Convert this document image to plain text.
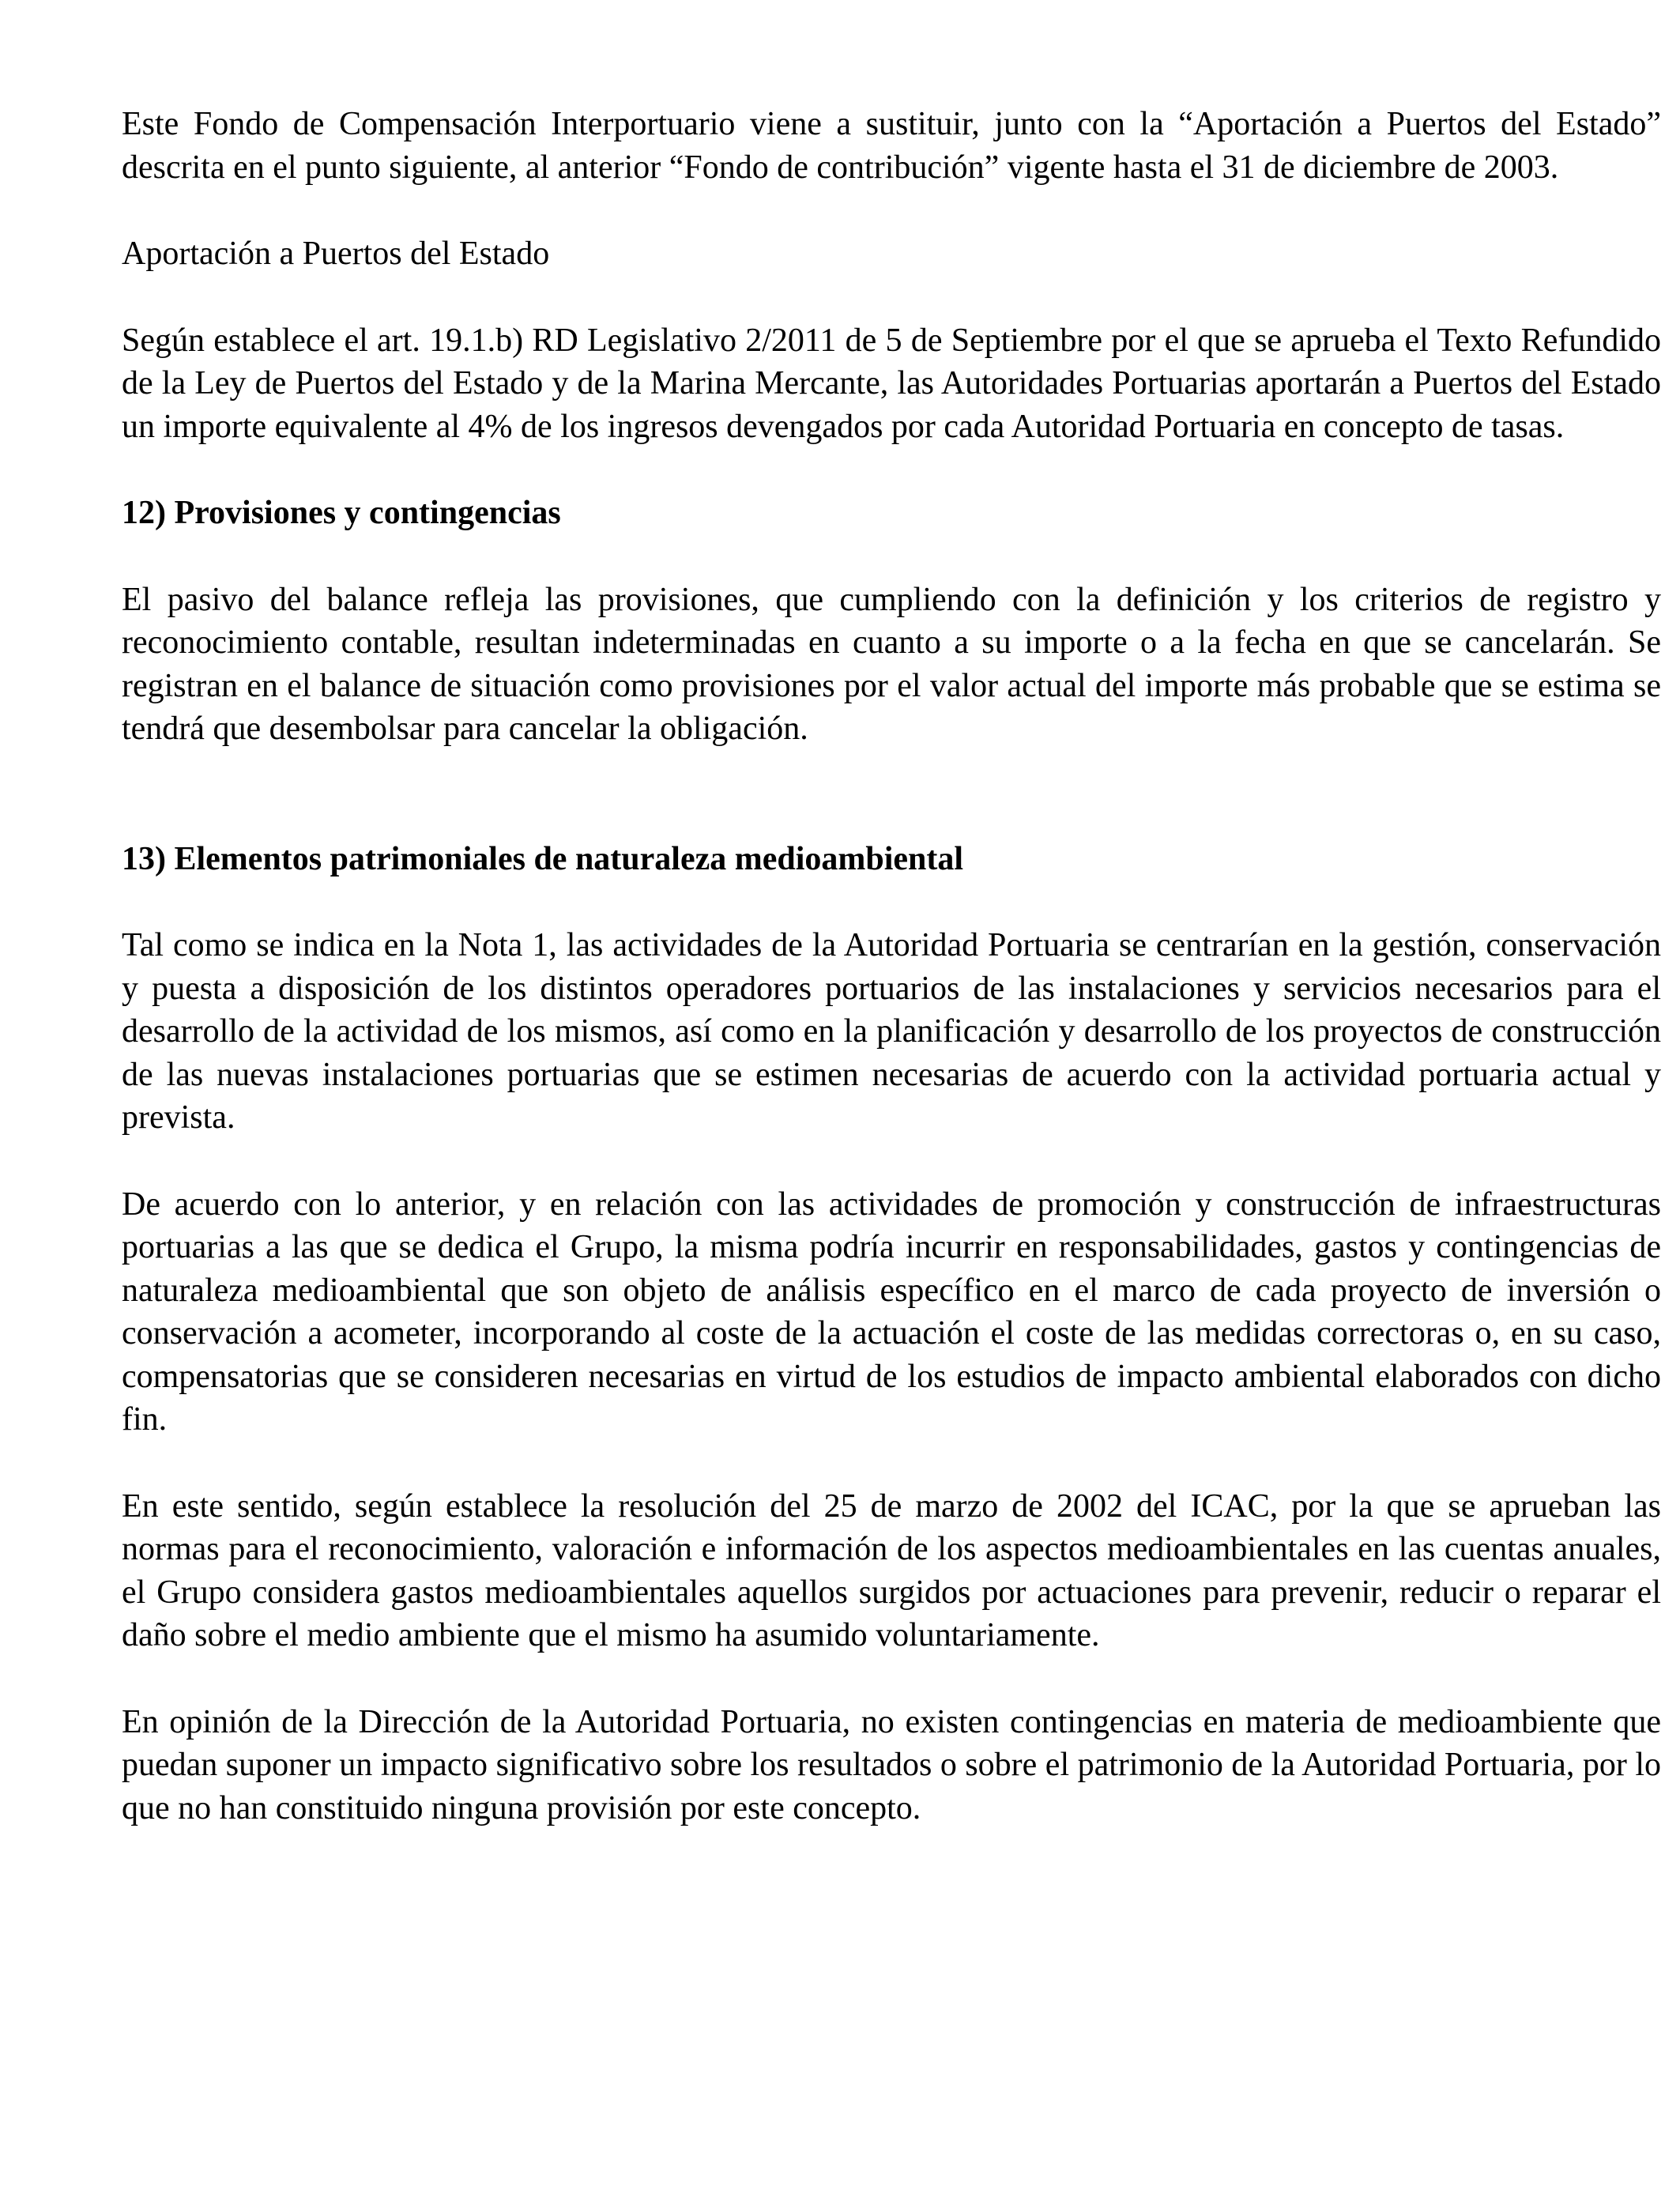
Este Fondo de Compensación Interportuario viene a sustituir, junto con la “Aportación a Puertos del Estado” descrita en el punto siguiente, al anterior “Fondo de contribución” vigente hasta el 31 de diciembre de 2003.

Aportación a Puertos del Estado

Según establece el art. 19.1.b) RD Legislativo 2/2011 de 5 de Septiembre por el que se aprueba el Texto Refundido de la Ley de Puertos del Estado y de la Marina Mercante, las Autoridades Portuarias aportarán a Puertos del Estado un importe equivalente al 4% de los ingresos devengados por cada Autoridad Portuaria en concepto de tasas.

12) Provisiones y contingencias

El pasivo del balance refleja las provisiones, que cumpliendo con la definición y los criterios de registro y reconocimiento contable, resultan indeterminadas en cuanto a su importe o a la fecha en que se cancelarán. Se registran en el balance de situación como provisiones por el valor actual del importe más probable que se estima se tendrá que desembolsar para cancelar la obligación.

13) Elementos patrimoniales de naturaleza medioambiental

Tal como se indica en la Nota 1, las actividades de la Autoridad Portuaria se centrarían en la gestión, conservación y puesta a disposición de los distintos operadores portuarios de las instalaciones y servicios necesarios para el desarrollo de la actividad de los mismos, así como en la planificación y desarrollo de los proyectos de construcción de las nuevas instalaciones portuarias que se estimen necesarias de acuerdo con la actividad portuaria actual y prevista.

De acuerdo con lo anterior, y en relación con las actividades de promoción y construcción de infraestructuras portuarias a las que se dedica el Grupo, la misma podría incurrir en responsabilidades, gastos y contingencias de naturaleza medioambiental que son objeto de análisis específico en el marco de cada proyecto de inversión o conservación a acometer, incorporando al coste de la actuación el coste de las medidas correctoras o, en su caso, compensatorias que se consideren necesarias en virtud de los estudios de impacto ambiental elaborados con dicho fin.

En este sentido, según establece la resolución del 25 de marzo de 2002 del ICAC, por la que se aprueban las normas para el reconocimiento, valoración e información de los aspectos medioambientales en las cuentas anuales, el Grupo considera gastos medioambientales aquellos surgidos por actuaciones para prevenir, reducir o reparar el daño sobre el medio ambiente que el mismo ha asumido voluntariamente.

En opinión de la Dirección de la Autoridad Portuaria, no existen contingencias en materia de medioambiente que puedan suponer un impacto significativo sobre los resultados o sobre el patrimonio de la Autoridad Portuaria, por lo que no han constituido ninguna provisión por este concepto.
